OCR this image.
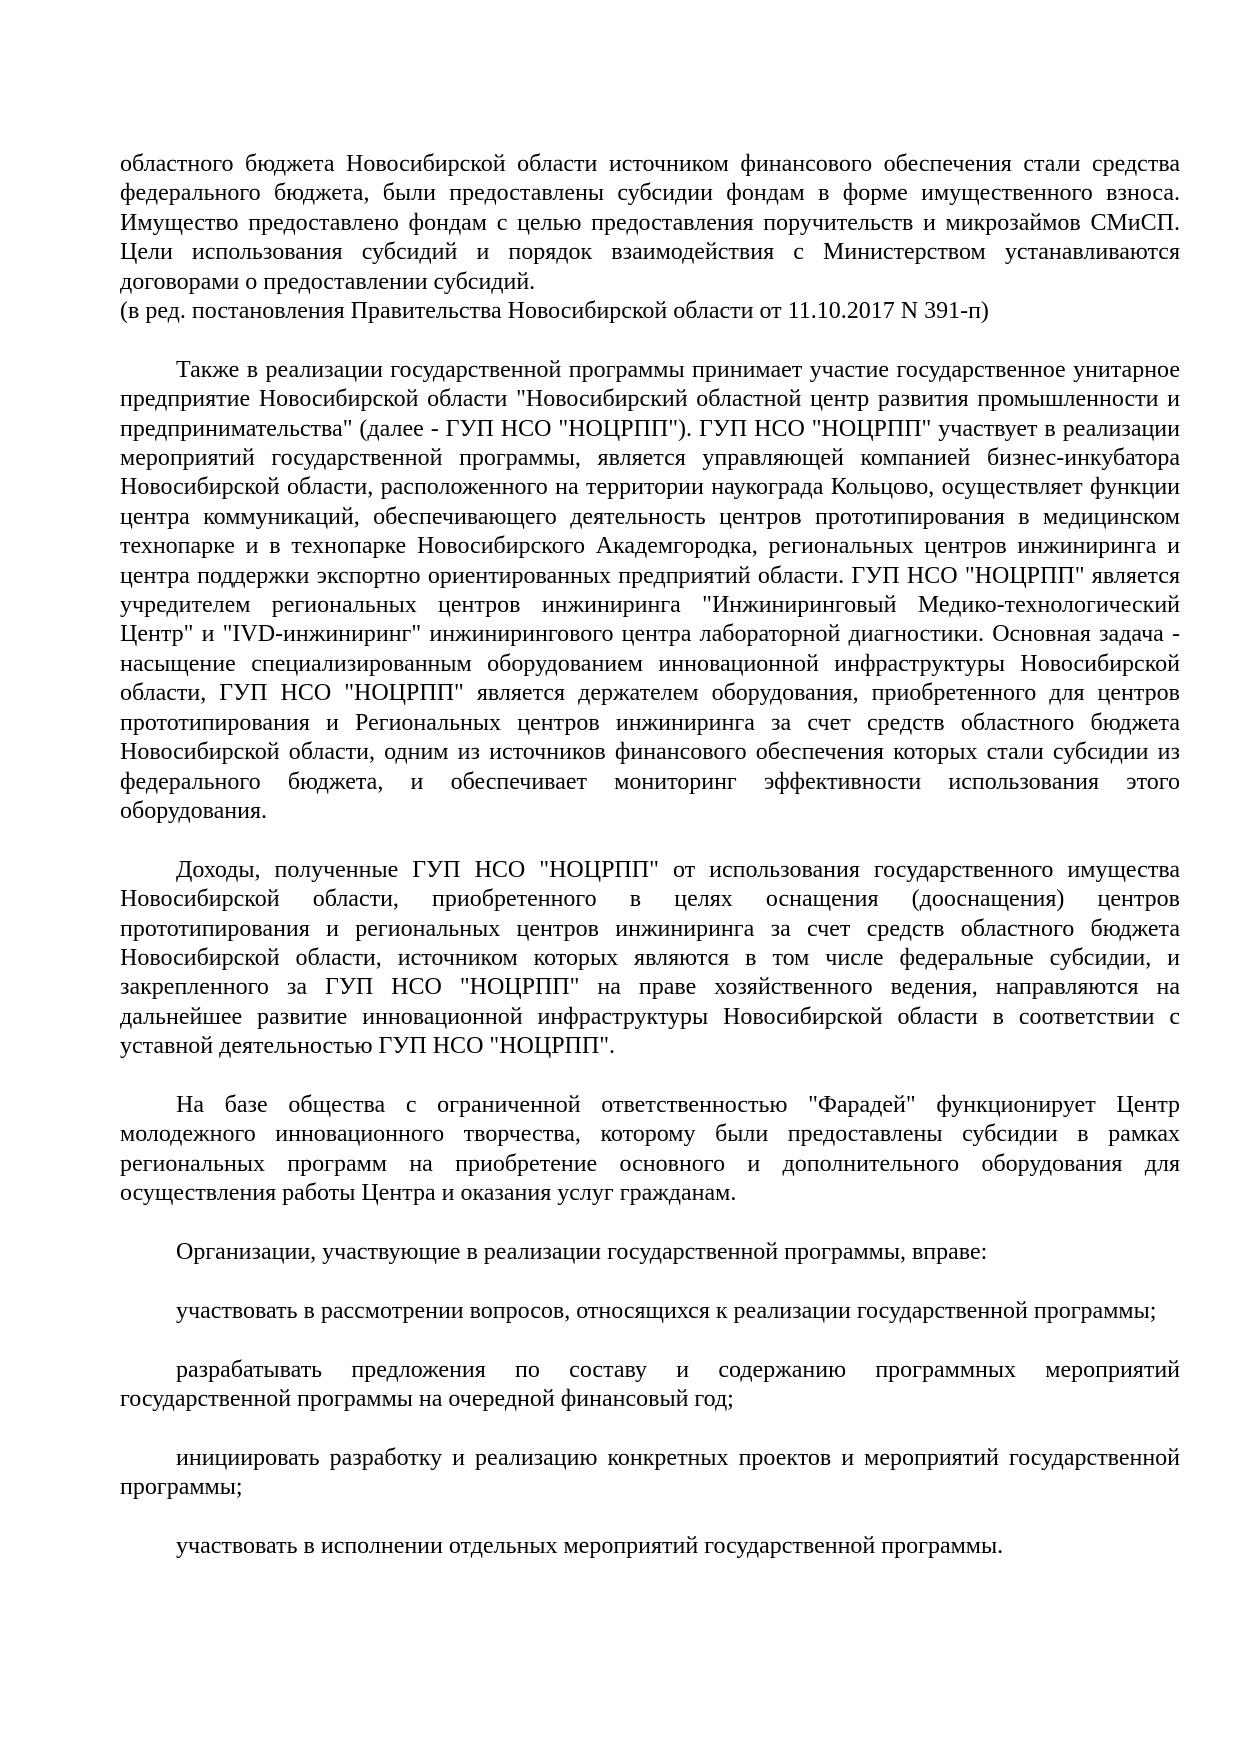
областного бюджета Новосибирской области источником финансового обеспечения стали средства федерального бюджета, были предоставлены субсидии фондам в форме имущественного взноса. Имущество предоставлено фондам с целью предоставления поручительств и микрозаймов СМиСП. Цели использования субсидий и порядок взаимодействия с Министерством устанавливаются договорами о предоставлении субсидий.

(в ред. постановления Правительства Новосибирской области от 11.10.2017 N 391-п)

Также в реализации государственной программы принимает участие государственное унитарное предприятие Новосибирской области "Новосибирский областной центр развития промышленности и предпринимательства" (далее - ГУП НСО "НОЦРПП"). ГУП НСО "НОЦРПП" участвует в реализации мероприятий государственной программы, является управляющей компанией бизнес-инкубатора Новосибирской области, расположенного на территории наукограда Кольцово, осуществляет функции центра коммуникаций, обеспечивающего деятельность центров прототипирования в медицинском технопарке и в технопарке Новосибирского Академгородка, региональных центров инжиниринга и центра поддержки экспортно ориентированных предприятий области. ГУП НСО "НОЦРПП" является учредителем региональных центров инжиниринга "Инжиниринговый Медико-технологический Центр" и "IVD-инжиниринг" инжинирингового центра лабораторной диагностики. Основная задача - насыщение специализированным оборудованием инновационной инфраструктуры Новосибирской области, ГУП НСО "НОЦРПП" является держателем оборудования, приобретенного для центров прототипирования и Региональных центров инжиниринга за счет средств областного бюджета Новосибирской области, одним из источников финансового обеспечения которых стали субсидии из федерального бюджета, и обеспечивает мониторинг эффективности использования этого оборудования.

Доходы, полученные ГУП НСО "НОЦРПП" от использования государственного имущества Новосибирской области, приобретенного в целях оснащения (дооснащения) центров прототипирования и региональных центров инжиниринга за счет средств областного бюджета Новосибирской области, источником которых являются в том числе федеральные субсидии, и закрепленного за ГУП НСО "НОЦРПП" на праве хозяйственного ведения, направляются на дальнейшее развитие инновационной инфраструктуры Новосибирской области в соответствии с уставной деятельностью ГУП НСО "НОЦРПП".

На базе общества с ограниченной ответственностью "Фарадей" функционирует Центр молодежного инновационного творчества, которому были предоставлены субсидии в рамках региональных программ на приобретение основного и дополнительного оборудования для осуществления работы Центра и оказания услуг гражданам.

Организации, участвующие в реализации государственной программы, вправе:

участвовать в рассмотрении вопросов, относящихся к реализации государственной программы;

разрабатывать предложения по составу и содержанию программных мероприятий государственной программы на очередной финансовый год;

инициировать разработку и реализацию конкретных проектов и мероприятий государственной программы;

участвовать в исполнении отдельных мероприятий государственной программы.
